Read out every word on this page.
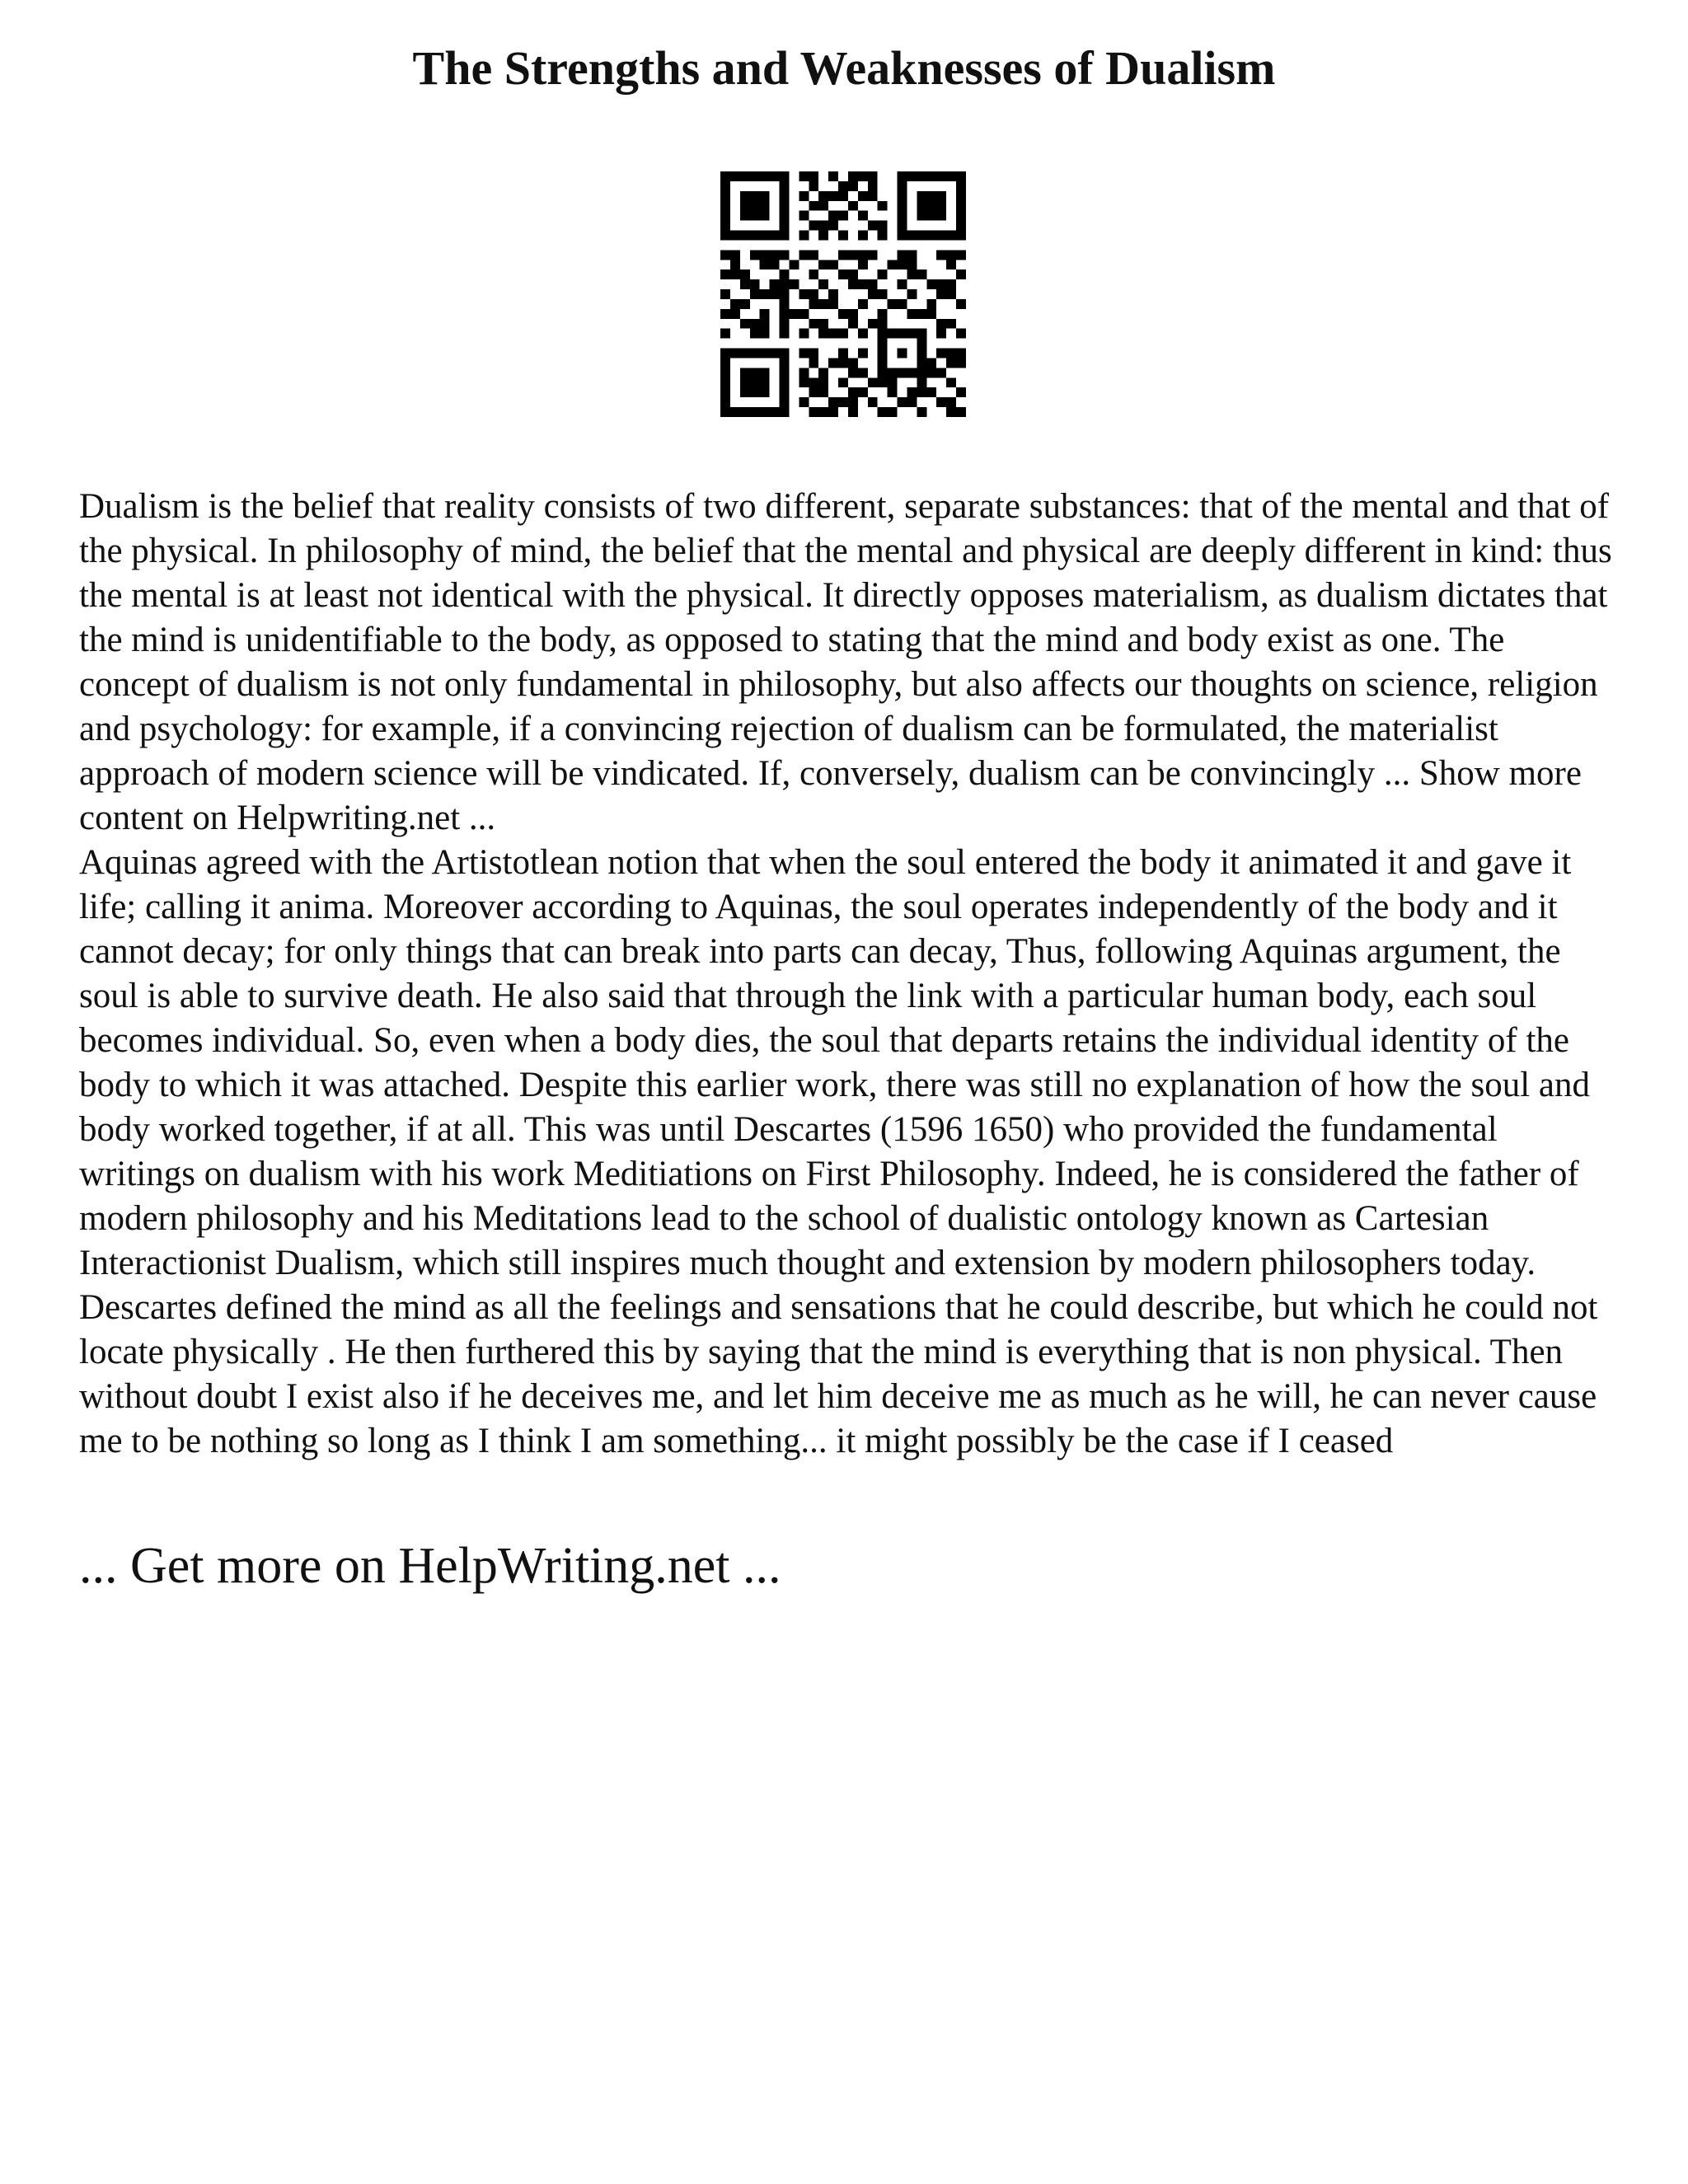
The Strengths and Weaknesses of Dualism

Dualism is the belief that reality consists of two different, separate substances: that of the mental and that of the physical. In philosophy of mind, the belief that the mental and physical are deeply different in kind: thus the mental is at least not identical with the physical. It directly opposes materialism, as dualism dictates that the mind is unidentifiable to the body, as opposed to stating that the mind and body exist as one. The concept of dualism is not only fundamental in philosophy, but also affects our thoughts on science, religion and psychology: for example, if a convincing rejection of dualism can be formulated, the materialist approach of modern science will be vindicated. If, conversely, dualism can be convincingly ... Show more content on Helpwriting.net ...

Aquinas agreed with the Artistotlean notion that when the soul entered the body it animated it and gave it life; calling it anima. Moreover according to Aquinas, the soul operates independently of the body and it cannot decay; for only things that can break into parts can decay, Thus, following Aquinas argument, the soul is able to survive death. He also said that through the link with a particular human body, each soul becomes individual. So, even when a body dies, the soul that departs retains the individual identity of the body to which it was attached. Despite this earlier work, there was still no explanation of how the soul and body worked together, if at all. This was until Descartes (1596 1650) who provided the fundamental writings on dualism with his work Meditiations on First Philosophy. Indeed, he is considered the father of modern philosophy and his Meditations lead to the school of dualistic ontology known as Cartesian Interactionist Dualism, which still inspires much thought and extension by modern philosophers today. Descartes defined the mind as all the feelings and sensations that he could describe, but which he could not locate physically . He then furthered this by saying that the mind is everything that is non physical. Then without doubt I exist also if he deceives me, and let him deceive me as much as he will, he can never cause me to be nothing so long as I think I am something... it might possibly be the case if I ceased

... Get more on HelpWriting.net ...
